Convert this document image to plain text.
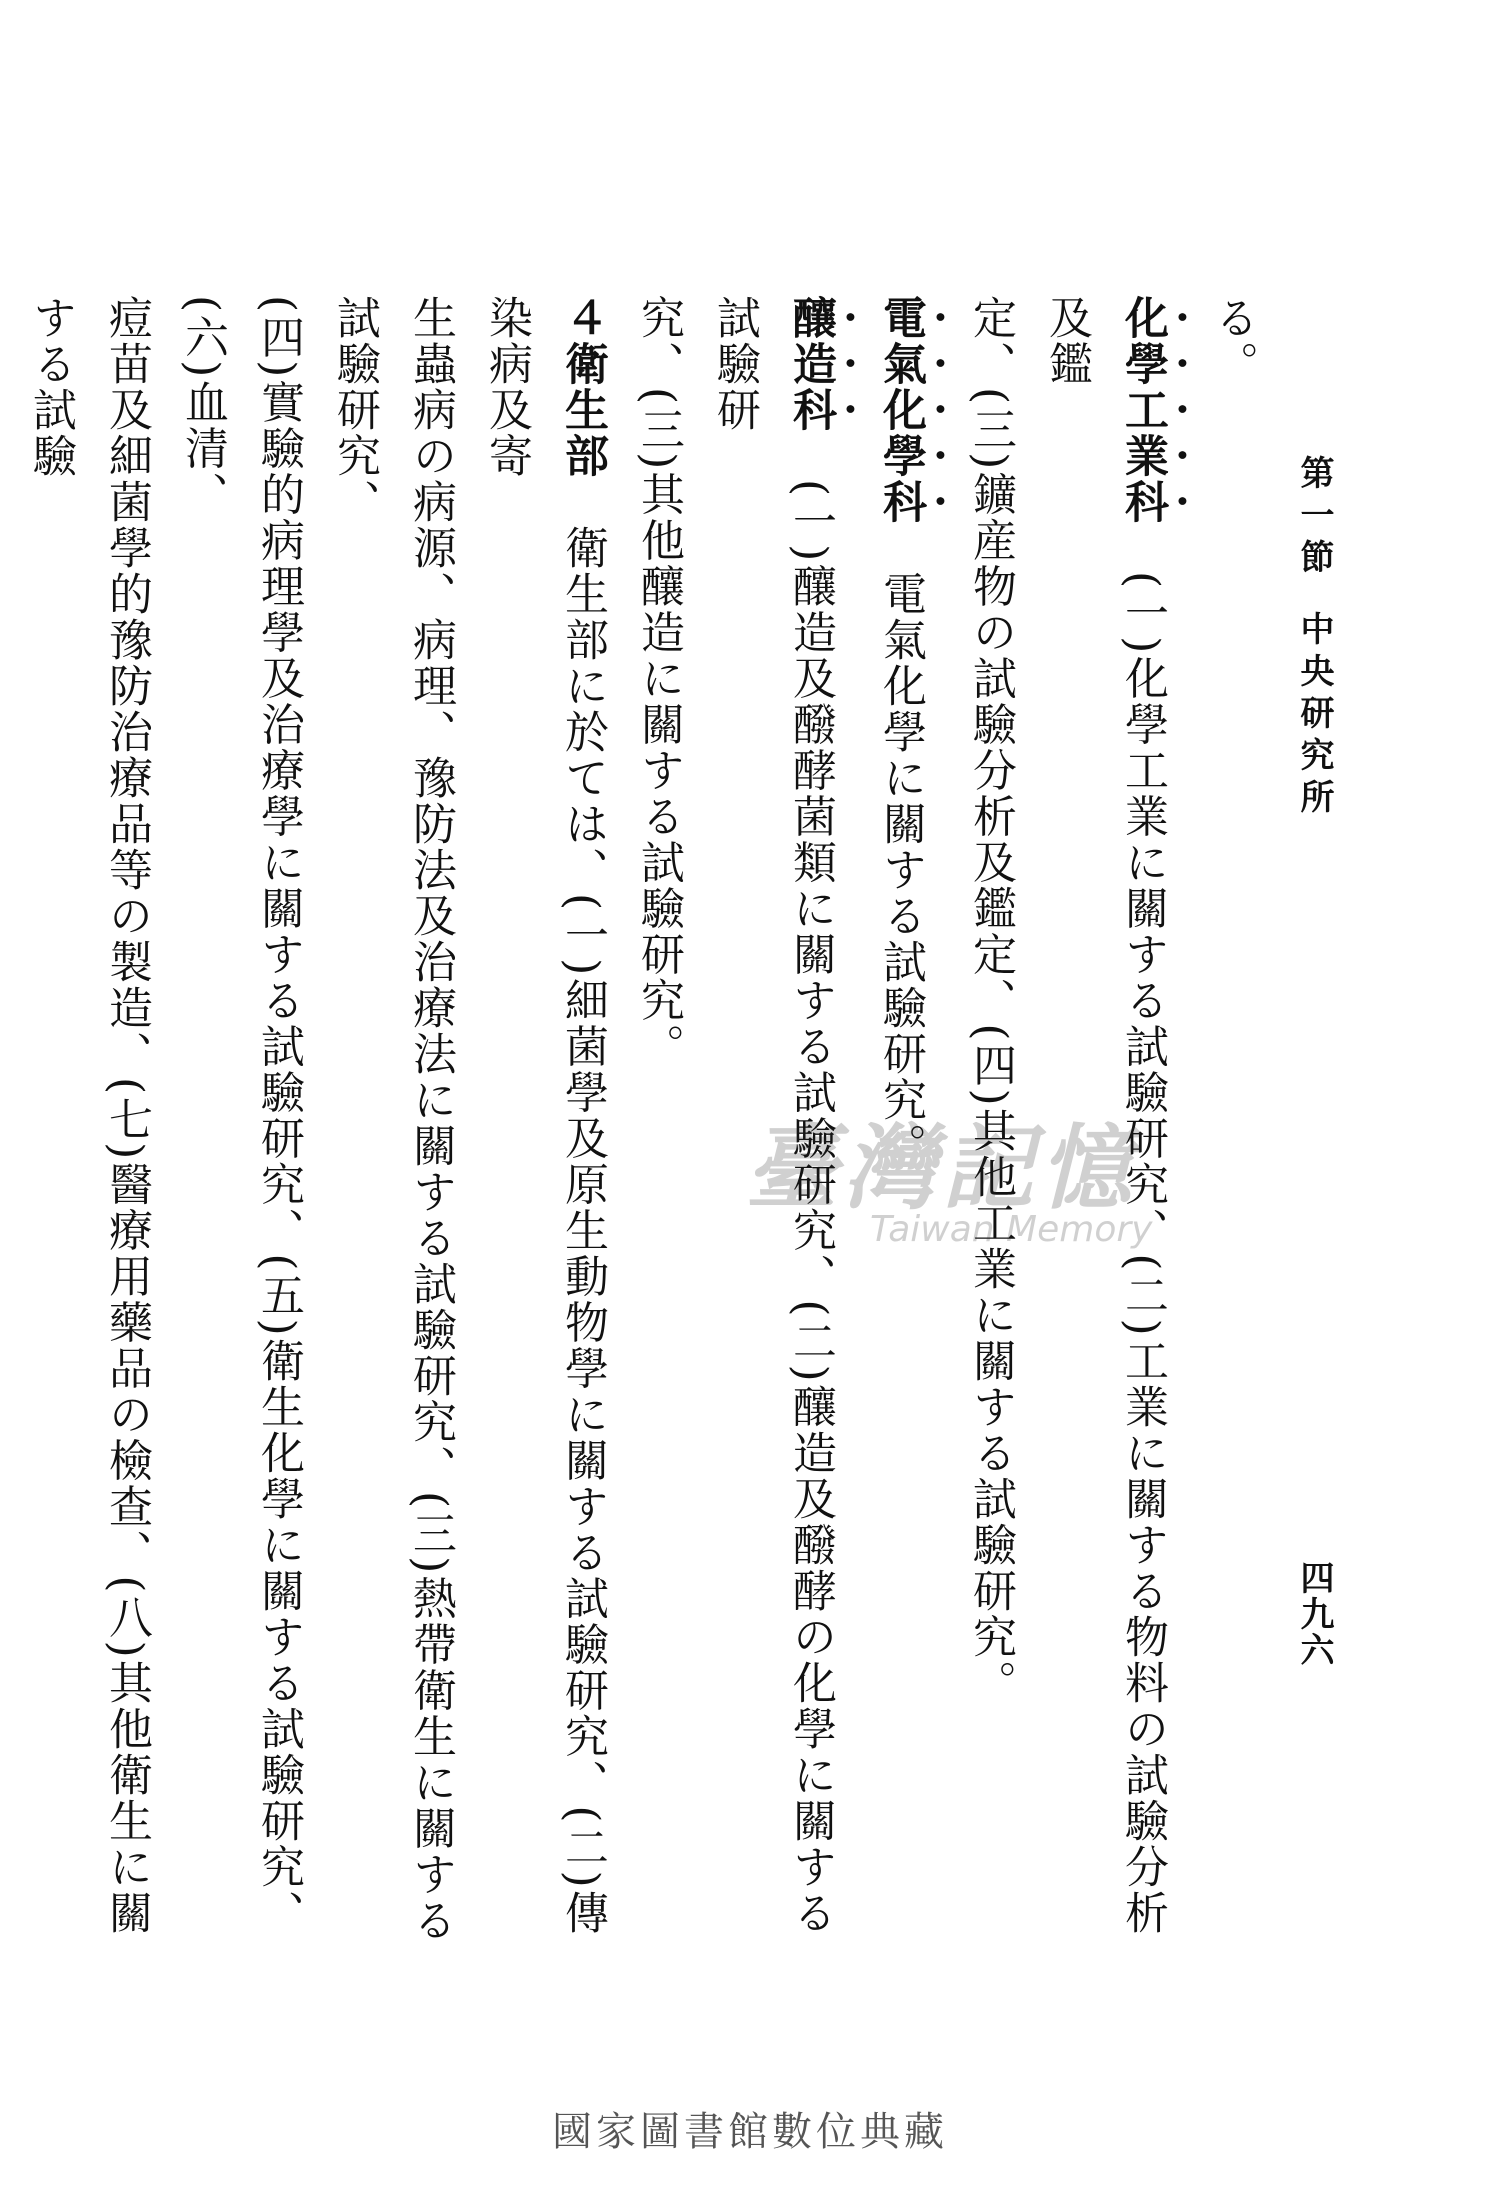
第一節中央研究所
四九六

る。

化學工業科　(一)化學工業に關する試驗研究、(二)工業に關する物料の試驗分析及鑑

定、(三)鑛産物の試驗分析及鑑定、(四)其他工業に關する試驗研究。

電氣化學科　電氣化學に關する試驗研究。

釀造科　(一)釀造及醱酵菌類に關する試驗研究、(二)釀造及醱酵の化學に關する試驗研

究、(三)其他釀造に關する試驗研究。

４衛生部　衛生部に於ては、(一)細菌學及原生動物學に關する試驗研究、(二)傳染病及寄

生蟲病の病源、病理、豫防法及治療法に關する試驗研究、(三)熱帶衛生に關する試驗研究、

(四)實驗的病理學及治療學に關する試驗研究、(五)衛生化學に關する試驗研究、(六)血清、

痘苗及細菌學的豫防治療品等の製造、(七)醫療用藥品の檢查、(八)其他衛生に關する試驗

臺灣記憶
Taiwan Memory
國家圖書館數位典藏
